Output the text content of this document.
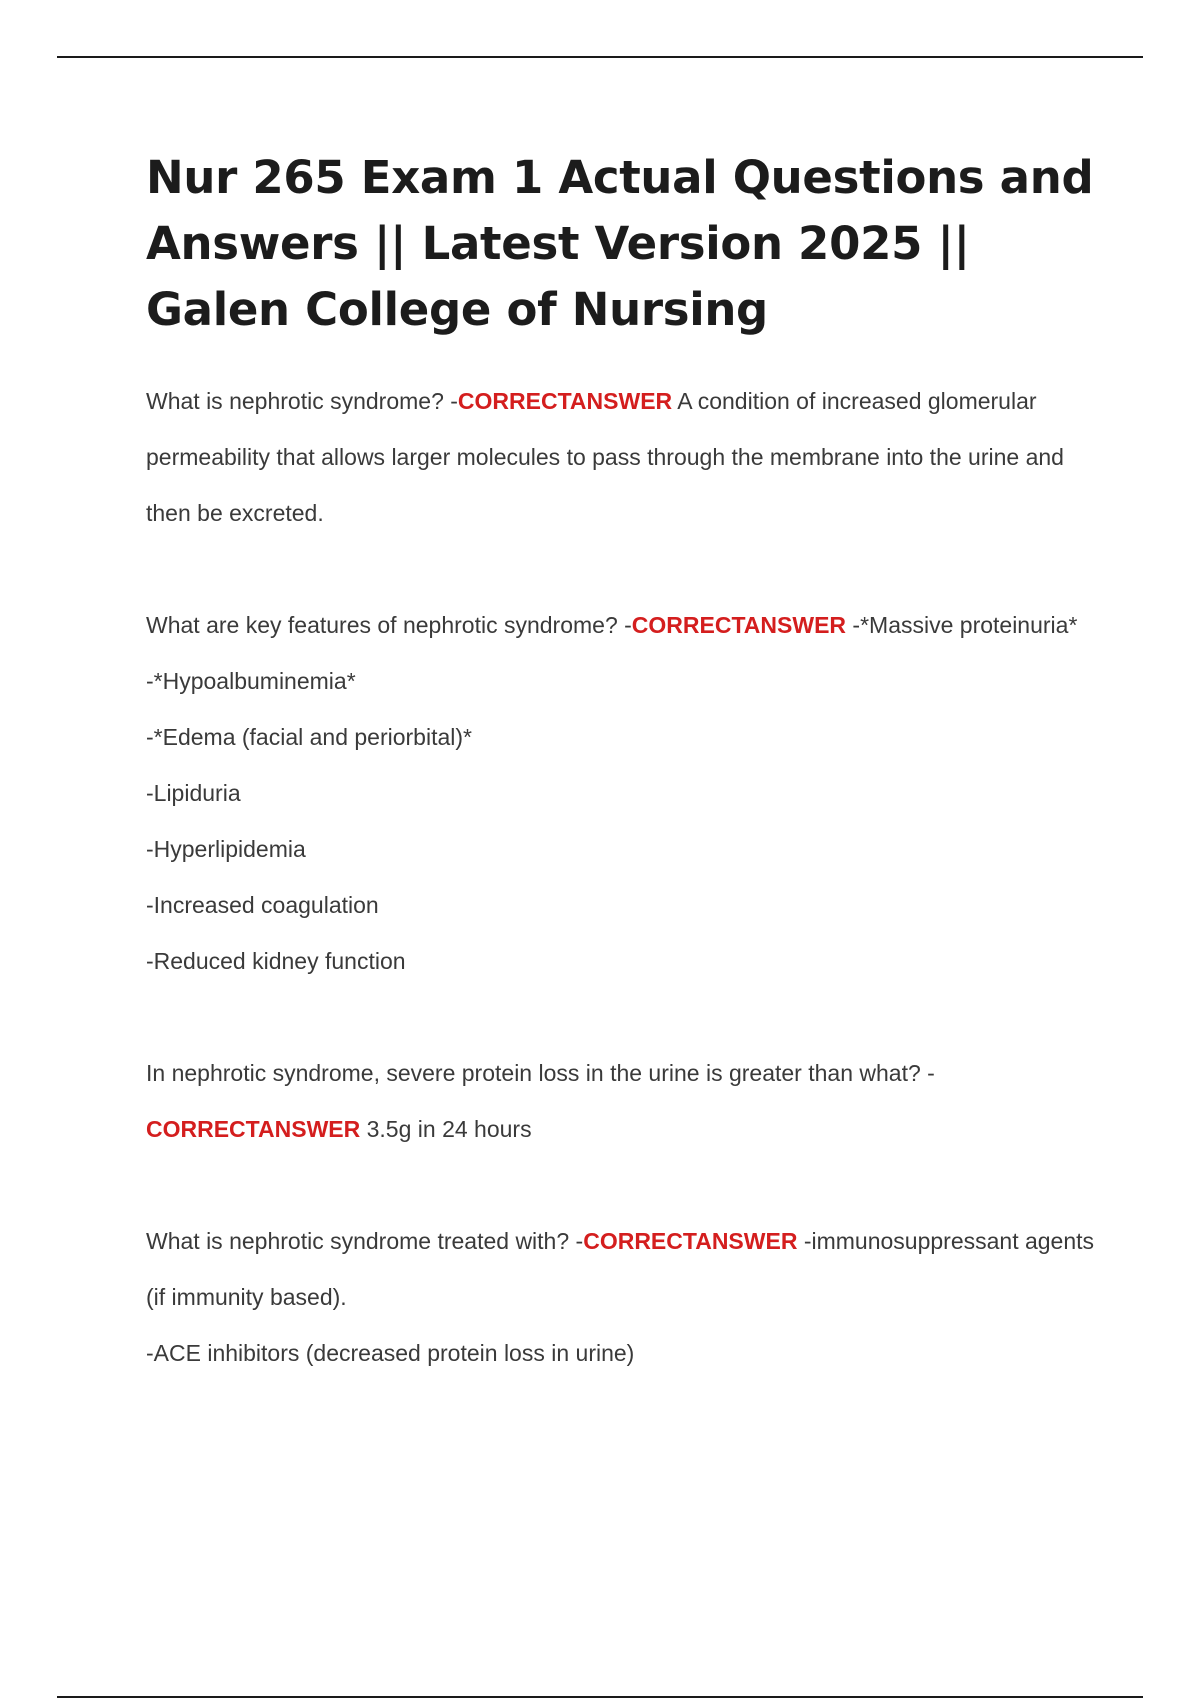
Nur 265 Exam 1 Actual Questions and Answers || Latest Version 2025 || Galen College of Nursing

What is nephrotic syndrome? -CORRECTANSWER A condition of increased glomerular permeability that allows larger molecules to pass through the membrane into the urine and then be excreted.

What are key features of nephrotic syndrome? -CORRECTANSWER -*Massive proteinuria*

-*Hypoalbuminemia*

-*Edema (facial and periorbital)*

-Lipiduria

-Hyperlipidemia

-Increased coagulation

-Reduced kidney function

In nephrotic syndrome, severe protein loss in the urine is greater than what? - CORRECTANSWER 3.5g in 24 hours

What is nephrotic syndrome treated with? -CORRECTANSWER -immunosuppressant agents (if immunity based).

-ACE inhibitors (decreased protein loss in urine)
